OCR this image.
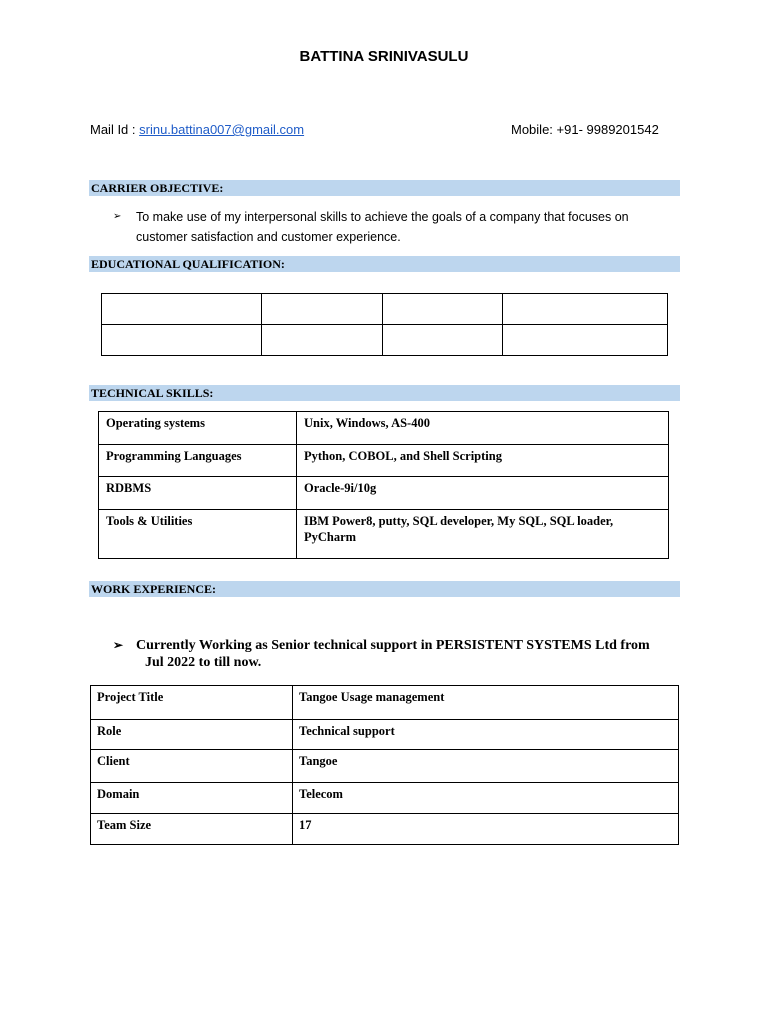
BATTINA SRINIVASULU
Mail Id : srinu.battina007@gmail.com	Mobile: +91- 9989201542
CARRIER OBJECTIVE:
➢ To make use of my interpersonal skills to achieve the goals of a company that focuses on customer satisfaction and customer experience.
EDUCATIONAL QUALIFICATION:

TECHNICAL SKILLS:
Operating systems	Unix, Windows, AS-400
Programming Languages	Python, COBOL, and Shell Scripting
RDBMS	Oracle-9i/10g
Tools & Utilities	IBM Power8, putty, SQL developer, My SQL, SQL loader, PyCharm
WORK EXPERIENCE:
➢ Currently Working as Senior technical support in PERSISTENT SYSTEMS Ltd from
Jul 2022 to till now.
Project Title	Tangoe Usage management
Role	Technical support
Client	Tangoe
Domain	Telecom
Team Size	17
